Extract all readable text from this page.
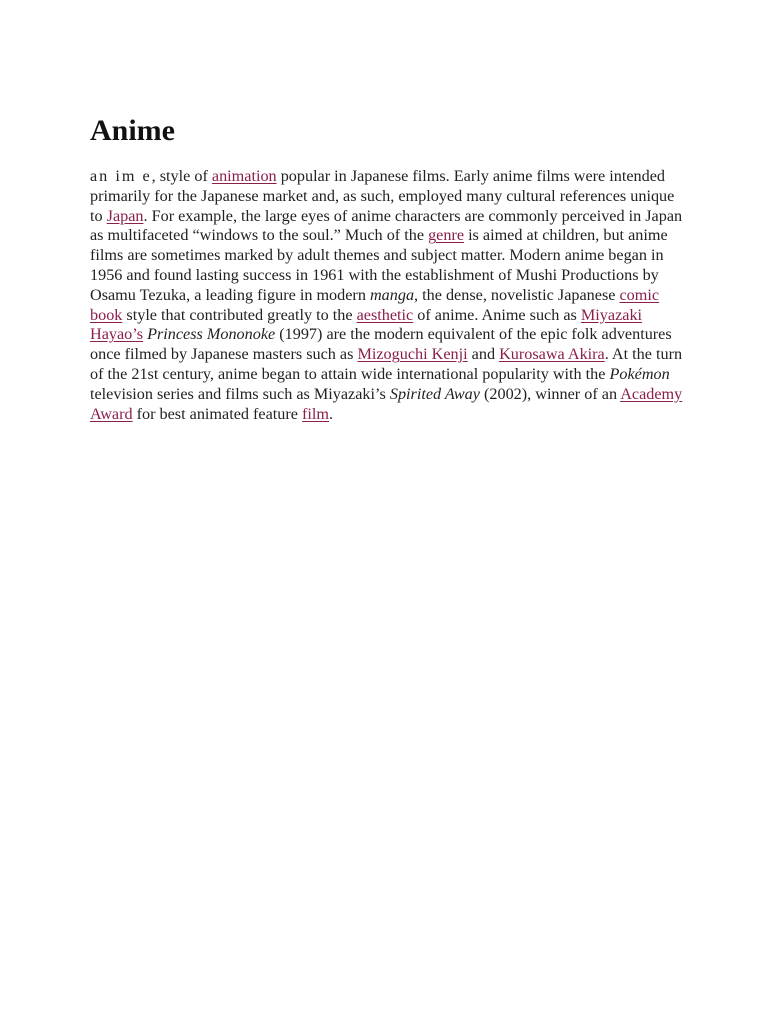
Anime

an im e, style of animation popular in Japanese films. Early anime films were intended primarily for the Japanese market and, as such, employed many cultural references unique to Japan. For example, the large eyes of anime characters are commonly perceived in Japan as multifaceted “windows to the soul.” Much of the genre is aimed at children, but anime films are sometimes marked by adult themes and subject matter. Modern anime began in 1956 and found lasting success in 1961 with the establishment of Mushi Productions by Osamu Tezuka, a leading figure in modern manga, the dense, novelistic Japanese comic book style that contributed greatly to the aesthetic of anime. Anime such as Miyazaki Hayao’s Princess Mononoke (1997) are the modern equivalent of the epic folk adventures once filmed by Japanese masters such as Mizoguchi Kenji and Kurosawa Akira. At the turn of the 21st century, anime began to attain wide international popularity with the Pokémon television series and films such as Miyazaki’s Spirited Away (2002), winner of an Academy Award for best animated feature film.
